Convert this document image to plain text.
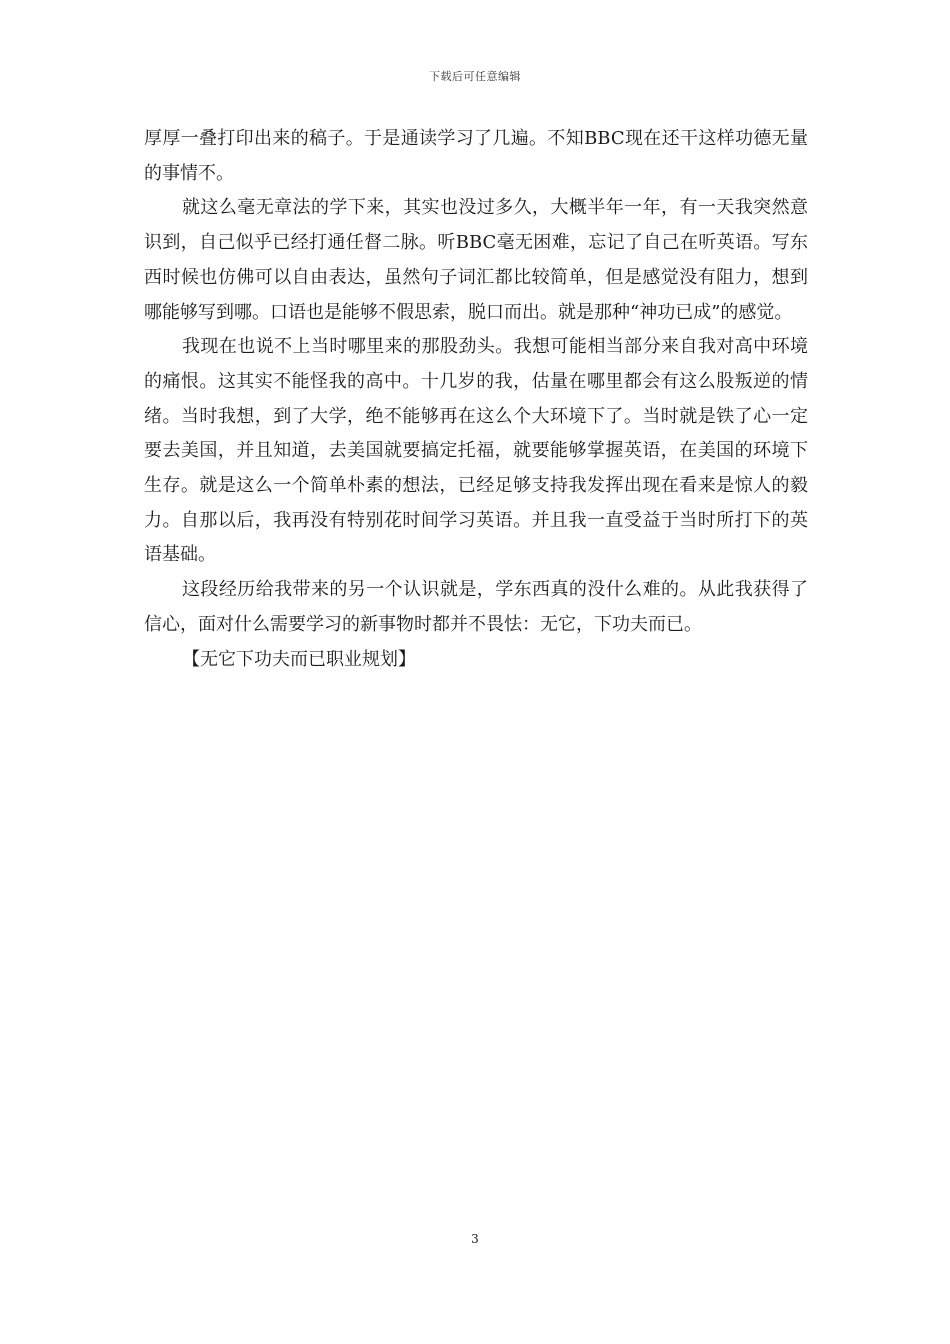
下载后可任意编辑

厚厚一叠打印出来的稿子。于是通读学习了几遍。不知BBC现在还干这样功德无量的事情不。

就这么毫无章法的学下来，其实也没过多久，大概半年一年，有一天我突然意识到，自己似乎已经打通任督二脉。听BBC毫无困难，忘记了自己在听英语。写东西时候也仿佛可以自由表达，虽然句子词汇都比较简单，但是感觉没有阻力，想到哪能够写到哪。口语也是能够不假思索，脱口而出。就是那种“神功已成”的感觉。

我现在也说不上当时哪里来的那股劲头。我想可能相当部分来自我对高中环境的痛恨。这其实不能怪我的高中。十几岁的我，估量在哪里都会有这么股叛逆的情绪。当时我想，到了大学，绝不能够再在这么个大环境下了。当时就是铁了心一定要去美国，并且知道，去美国就要搞定托福，就要能够掌握英语，在美国的环境下生存。就是这么一个简单朴素的想法，已经足够支持我发挥出现在看来是惊人的毅力。自那以后，我再没有特别花时间学习英语。并且我一直受益于当时所打下的英语基础。

这段经历给我带来的另一个认识就是，学东西真的没什么难的。从此我获得了信心，面对什么需要学习的新事物时都并不畏怯：无它，下功夫而已。

【无它下功夫而已职业规划】

3
